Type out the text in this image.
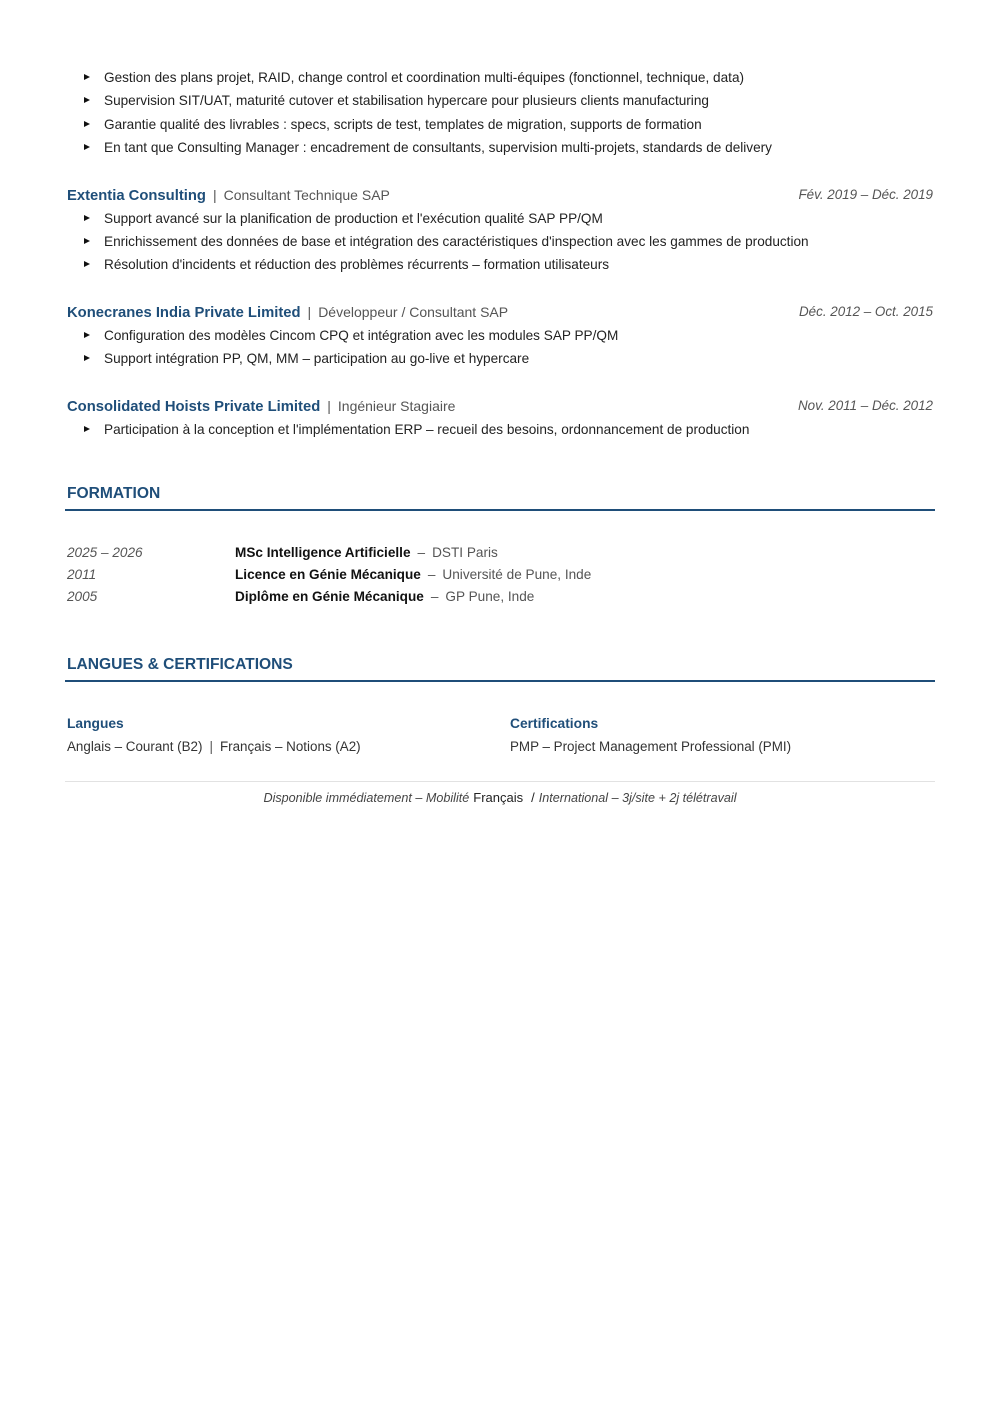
Gestion des plans projet, RAID, change control et coordination multi-équipes (fonctionnel, technique, data)
Supervision SIT/UAT, maturité cutover et stabilisation hypercare pour plusieurs clients manufacturing
Garantie qualité des livrables : specs, scripts de test, templates de migration, supports de formation
En tant que Consulting Manager : encadrement de consultants, supervision multi-projets, standards de delivery
Extentia Consulting | Consultant Technique SAP	Fév. 2019 – Déc. 2019
Support avancé sur la planification de production et l'exécution qualité SAP PP/QM
Enrichissement des données de base et intégration des caractéristiques d'inspection avec les gammes de production
Résolution d'incidents et réduction des problèmes récurrents – formation utilisateurs
Konecranes India Private Limited | Développeur / Consultant SAP	Déc. 2012 – Oct. 2015
Configuration des modèles Cincom CPQ et intégration avec les modules SAP PP/QM
Support intégration PP, QM, MM – participation au go-live et hypercare
Consolidated Hoists Private Limited | Ingénieur Stagiaire	Nov. 2011 – Déc. 2012
Participation à la conception et l'implémentation ERP – recueil des besoins, ordonnancement de production
FORMATION
2025 – 2026	MSc Intelligence Artificielle – DSTI Paris
2011	Licence en Génie Mécanique – Université de Pune, Inde
2005	Diplôme en Génie Mécanique – GP Pune, Inde
LANGUES & CERTIFICATIONS
Langues

Anglais – Courant (B2) | Français – Notions (A2)

Certifications

PMP – Project Management Professional (PMI)

Disponible immédiatement – Mobilité Français / International – 3j/site + 2j télétravail
